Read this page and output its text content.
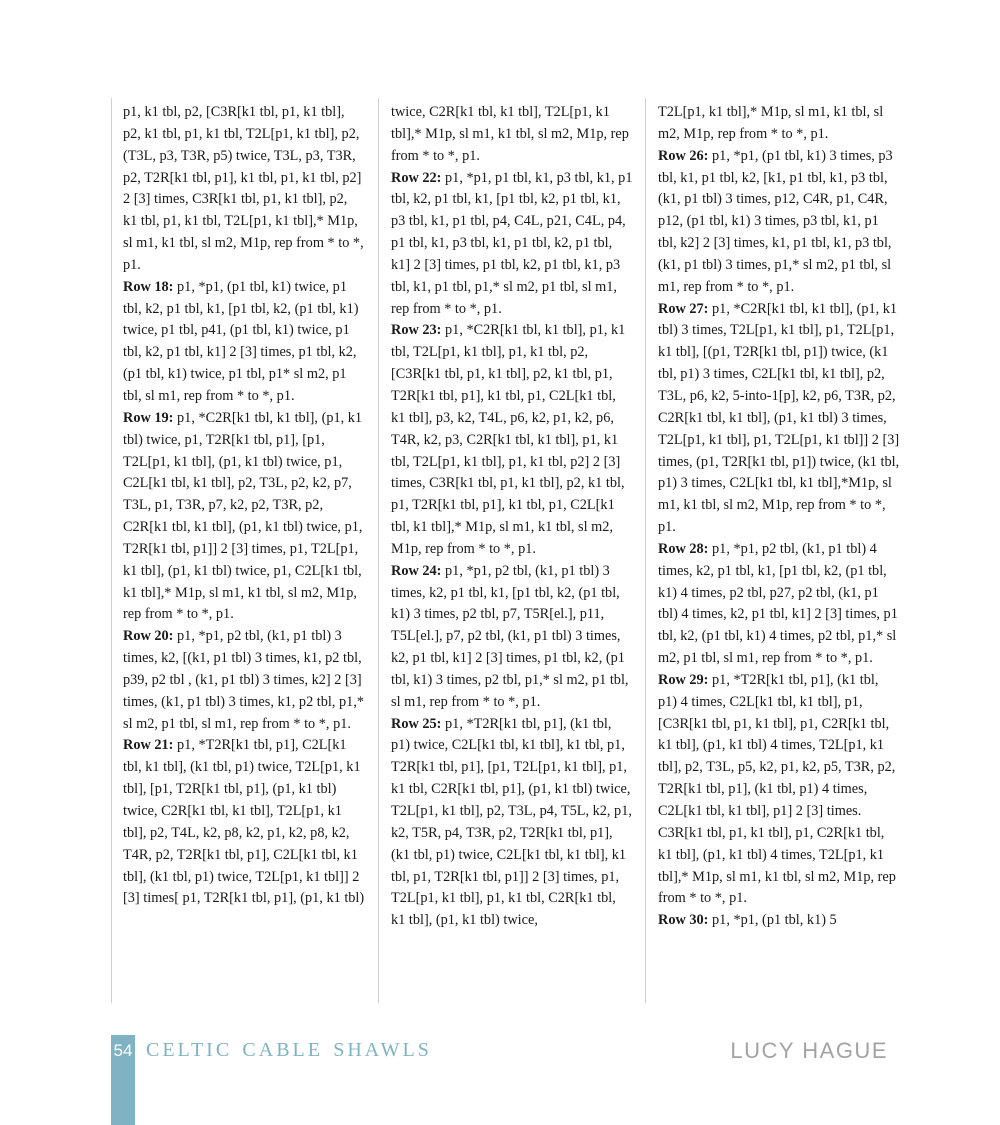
p1, k1 tbl, p2, [C3R[k1 tbl, p1, k1 tbl], p2, k1 tbl, p1, k1 tbl, T2L[p1, k1 tbl], p2, (T3L, p3, T3R, p5) twice, T3L, p3, T3R, p2, T2R[k1 tbl, p1], k1 tbl, p1, k1 tbl, p2] 2 [3] times, C3R[k1 tbl, p1, k1 tbl], p2, k1 tbl, p1, k1 tbl, T2L[p1, k1 tbl],* M1p, sl m1, k1 tbl, sl m2, M1p, rep from * to *, p1.

Row 18: p1, *p1, (p1 tbl, k1) twice, p1 tbl, k2, p1 tbl, k1, [p1 tbl, k2, (p1 tbl, k1) twice, p1 tbl, p41, (p1 tbl, k1) twice, p1 tbl, k2, p1 tbl, k1] 2 [3] times, p1 tbl, k2, (p1 tbl, k1) twice, p1 tbl, p1* sl m2, p1 tbl, sl m1, rep from * to *, p1.

Row 19: p1, *C2R[k1 tbl, k1 tbl], (p1, k1 tbl) twice, p1, T2R[k1 tbl, p1], [p1, T2L[p1, k1 tbl], (p1, k1 tbl) twice, p1, C2L[k1 tbl, k1 tbl], p2, T3L, p2, k2, p7, T3L, p1, T3R, p7, k2, p2, T3R, p2, C2R[k1 tbl, k1 tbl], (p1, k1 tbl) twice, p1, T2R[k1 tbl, p1]] 2 [3] times, p1, T2L[p1, k1 tbl], (p1, k1 tbl) twice, p1, C2L[k1 tbl, k1 tbl],* M1p, sl m1, k1 tbl, sl m2, M1p, rep from * to *, p1.

Row 20: p1, *p1, p2 tbl, (k1, p1 tbl) 3 times, k2, [(k1, p1 tbl) 3 times, k1, p2 tbl, p39, p2 tbl , (k1, p1 tbl) 3 times, k2] 2 [3] times, (k1, p1 tbl) 3 times, k1, p2 tbl, p1,* sl m2, p1 tbl, sl m1, rep from * to *, p1.

Row 21: p1, *T2R[k1 tbl, p1], C2L[k1 tbl, k1 tbl], (k1 tbl, p1) twice, T2L[p1, k1 tbl], [p1, T2R[k1 tbl, p1], (p1, k1 tbl) twice, C2R[k1 tbl, k1 tbl], T2L[p1, k1 tbl], p2, T4L, k2, p8, k2, p1, k2, p8, k2, T4R, p2, T2R[k1 tbl, p1], C2L[k1 tbl, k1 tbl], (k1 tbl, p1) twice, T2L[p1, k1 tbl]] 2 [3] times[ p1, T2R[k1 tbl, p1], (p1, k1 tbl)

twice, C2R[k1 tbl, k1 tbl], T2L[p1, k1 tbl],* M1p, sl m1, k1 tbl, sl m2, M1p, rep from * to *, p1.

Row 22: p1, *p1, p1 tbl, k1, p3 tbl, k1, p1 tbl, k2, p1 tbl, k1, [p1 tbl, k2, p1 tbl, k1, p3 tbl, k1, p1 tbl, p4, C4L, p21, C4L, p4, p1 tbl, k1, p3 tbl, k1, p1 tbl, k2, p1 tbl, k1] 2 [3] times, p1 tbl, k2, p1 tbl, k1, p3 tbl, k1, p1 tbl, p1,* sl m2, p1 tbl, sl m1, rep from * to *, p1.

Row 23: p1, *C2R[k1 tbl, k1 tbl], p1, k1 tbl, T2L[p1, k1 tbl], p1, k1 tbl, p2, [C3R[k1 tbl, p1, k1 tbl], p2, k1 tbl, p1, T2R[k1 tbl, p1], k1 tbl, p1, C2L[k1 tbl, k1 tbl], p3, k2, T4L, p6, k2, p1, k2, p6, T4R, k2, p3, C2R[k1 tbl, k1 tbl], p1, k1 tbl, T2L[p1, k1 tbl], p1, k1 tbl, p2] 2 [3] times, C3R[k1 tbl, p1, k1 tbl], p2, k1 tbl, p1, T2R[k1 tbl, p1], k1 tbl, p1, C2L[k1 tbl, k1 tbl],* M1p, sl m1, k1 tbl, sl m2, M1p, rep from * to *, p1.

Row 24: p1, *p1, p2 tbl, (k1, p1 tbl) 3 times, k2, p1 tbl, k1, [p1 tbl, k2, (p1 tbl, k1) 3 times, p2 tbl, p7, T5R[el.], p11, T5L[el.], p7, p2 tbl, (k1, p1 tbl) 3 times, k2, p1 tbl, k1] 2 [3] times, p1 tbl, k2, (p1 tbl, k1) 3 times, p2 tbl, p1,* sl m2, p1 tbl, sl m1, rep from * to *, p1.

Row 25: p1, *T2R[k1 tbl, p1], (k1 tbl, p1) twice, C2L[k1 tbl, k1 tbl], k1 tbl, p1, T2R[k1 tbl, p1], [p1, T2L[p1, k1 tbl], p1, k1 tbl, C2R[k1 tbl, p1], (p1, k1 tbl) twice, T2L[p1, k1 tbl], p2, T3L, p4, T5L, k2, p1, k2, T5R, p4, T3R, p2, T2R[k1 tbl, p1], (k1 tbl, p1) twice, C2L[k1 tbl, k1 tbl], k1 tbl, p1, T2R[k1 tbl, p1]] 2 [3] times, p1, T2L[p1, k1 tbl], p1, k1 tbl, C2R[k1 tbl, k1 tbl], (p1, k1 tbl) twice,

T2L[p1, k1 tbl],* M1p, sl m1, k1 tbl, sl m2, M1p, rep from * to *, p1.

Row 26: p1, *p1, (p1 tbl, k1) 3 times, p3 tbl, k1, p1 tbl, k2, [k1, p1 tbl, k1, p3 tbl, (k1, p1 tbl) 3 times, p12, C4R, p1, C4R, p12, (p1 tbl, k1) 3 times, p3 tbl, k1, p1 tbl, k2] 2 [3] times, k1, p1 tbl, k1, p3 tbl, (k1, p1 tbl) 3 times, p1,* sl m2, p1 tbl, sl m1, rep from * to *, p1.

Row 27: p1, *C2R[k1 tbl, k1 tbl], (p1, k1 tbl) 3 times, T2L[p1, k1 tbl], p1, T2L[p1, k1 tbl], [(p1, T2R[k1 tbl, p1]) twice, (k1 tbl, p1) 3 times, C2L[k1 tbl, k1 tbl], p2, T3L, p6, k2, 5-into-1[p], k2, p6, T3R, p2, C2R[k1 tbl, k1 tbl], (p1, k1 tbl) 3 times, T2L[p1, k1 tbl], p1, T2L[p1, k1 tbl]] 2 [3] times, (p1, T2R[k1 tbl, p1]) twice, (k1 tbl, p1) 3 times, C2L[k1 tbl, k1 tbl],*M1p, sl m1, k1 tbl, sl m2, M1p, rep from * to *, p1.

Row 28: p1, *p1, p2 tbl, (k1, p1 tbl) 4 times, k2, p1 tbl, k1, [p1 tbl, k2, (p1 tbl, k1) 4 times, p2 tbl, p27, p2 tbl, (k1, p1 tbl) 4 times, k2, p1 tbl, k1] 2 [3] times, p1 tbl, k2, (p1 tbl, k1) 4 times, p2 tbl, p1,* sl m2, p1 tbl, sl m1, rep from * to *, p1.

Row 29: p1, *T2R[k1 tbl, p1], (k1 tbl, p1) 4 times, C2L[k1 tbl, k1 tbl], p1, [C3R[k1 tbl, p1, k1 tbl], p1, C2R[k1 tbl, k1 tbl], (p1, k1 tbl) 4 times, T2L[p1, k1 tbl], p2, T3L, p5, k2, p1, k2, p5, T3R, p2, T2R[k1 tbl, p1], (k1 tbl, p1) 4 times, C2L[k1 tbl, k1 tbl], p1] 2 [3] times. C3R[k1 tbl, p1, k1 tbl], p1, C2R[k1 tbl, k1 tbl], (p1, k1 tbl) 4 times, T2L[p1, k1 tbl],* M1p, sl m1, k1 tbl, sl m2, M1p, rep from * to *, p1.

Row 30: p1, *p1, (p1 tbl, k1) 5

54 celtic cable shawls	LUCY HAGUE
